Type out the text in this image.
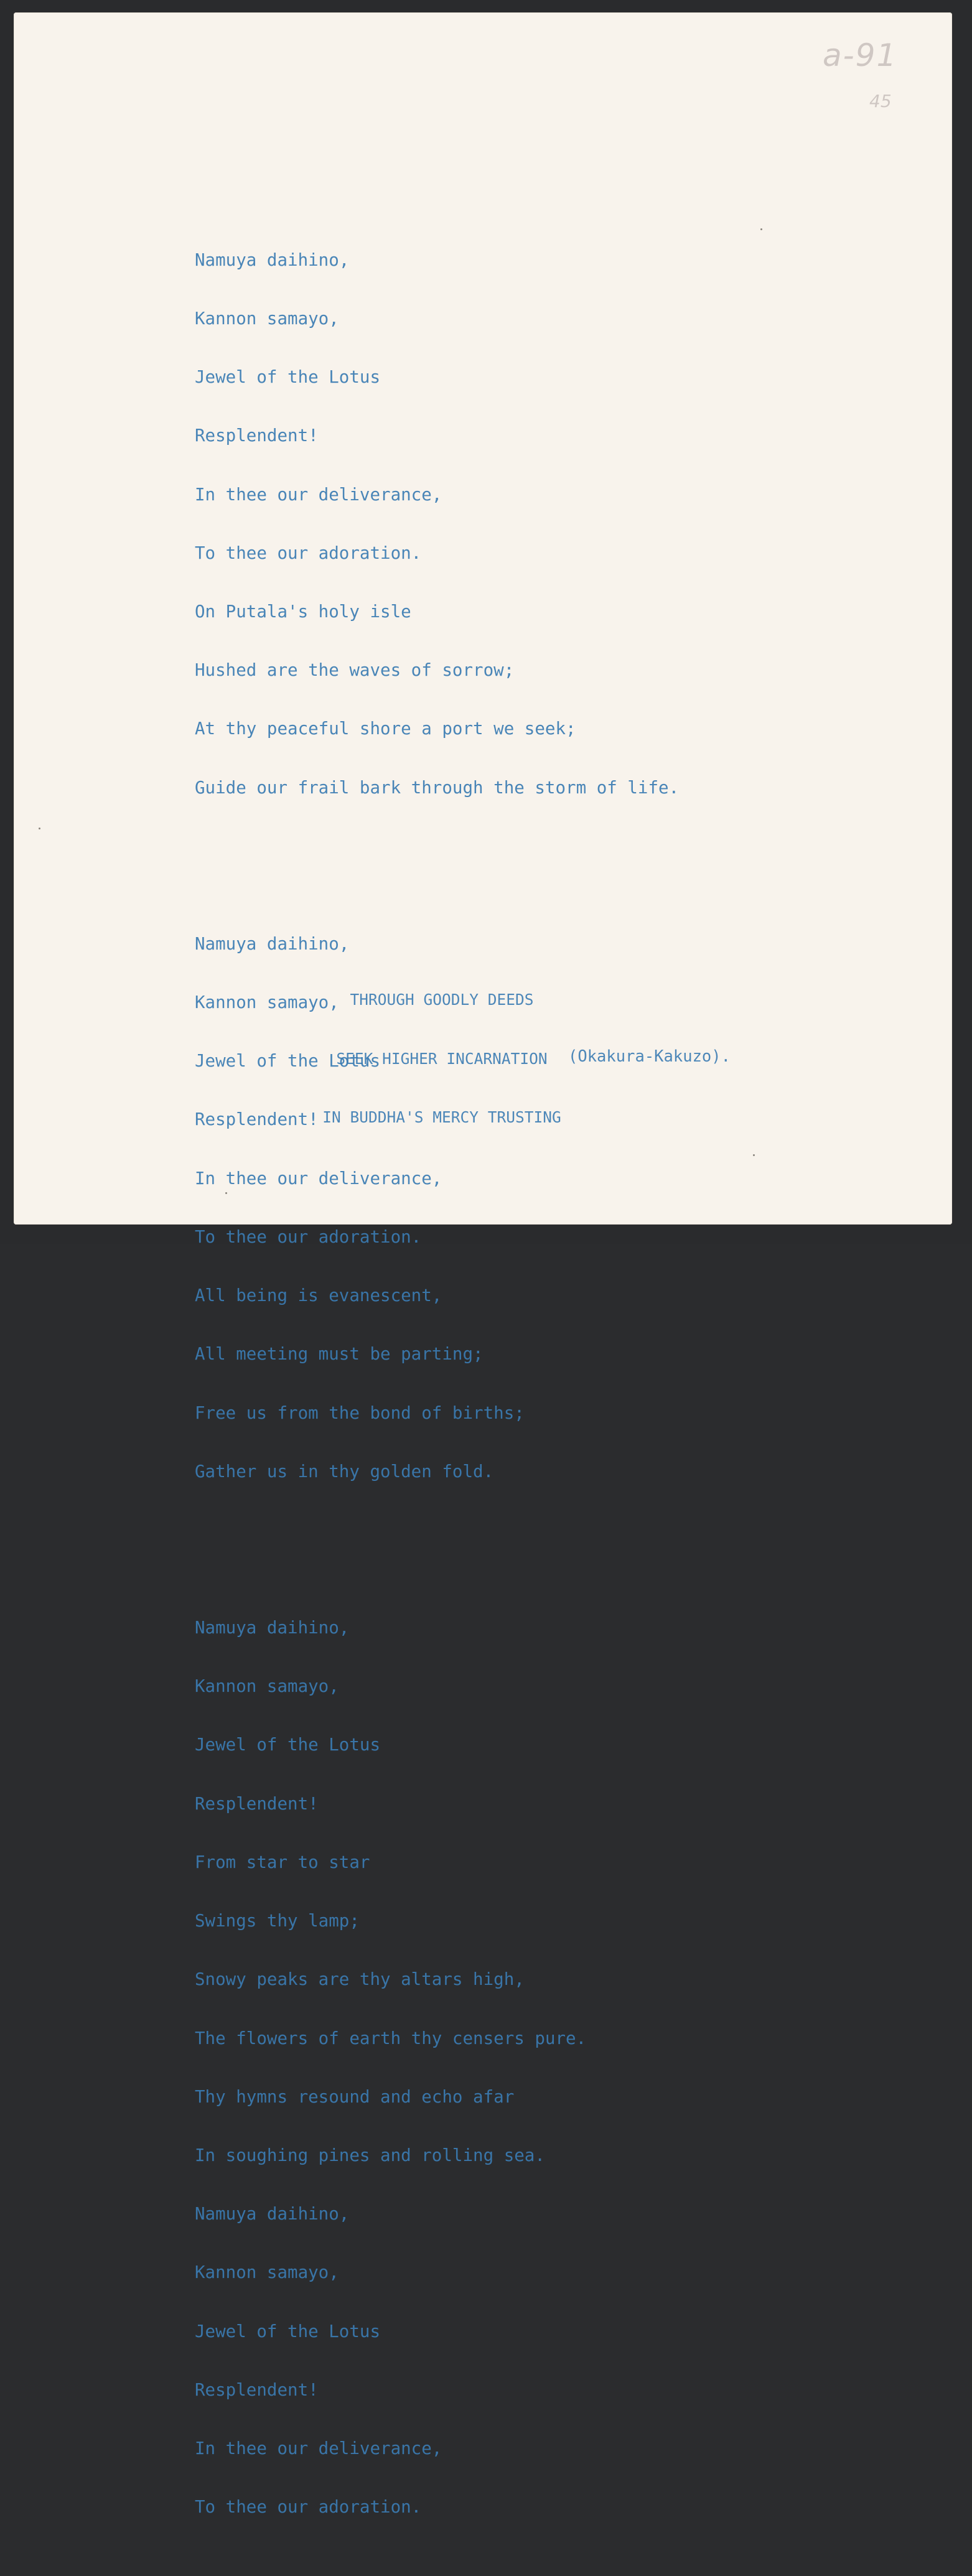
a-91
45

Namuya daihino,

Kannon samayo,

Jewel of the Lotus

Resplendent!

In thee our deliverance,

To thee our adoration.

On Putala's holy isle

Hushed are the waves of sorrow;

At thy peaceful shore a port we seek;

Guide our frail bark through the storm of life.

Namuya daihino,

Kannon samayo,

Jewel of the Lotus

Resplendent!

In thee our deliverance,

To thee our adoration.

All being is evanescent,

All meeting must be parting;

Free us from the bond of births;

Gather us in thy golden fold.

Namuya daihino,

Kannon samayo,

Jewel of the Lotus

Resplendent!

From star to star

Swings thy lamp;

Snowy peaks are thy altars high,

The flowers of earth thy censers pure.

Thy hymns resound and echo afar

In soughing pines and rolling sea.

Namuya daihino,

Kannon samayo,

Jewel of the Lotus

Resplendent!

In thee our deliverance,

To thee our adoration.

THROUGH GOODLY DEEDS

SEEK HIGHER INCARNATION

IN BUDDHA'S MERCY TRUSTING

(Okakura-Kakuzo).
